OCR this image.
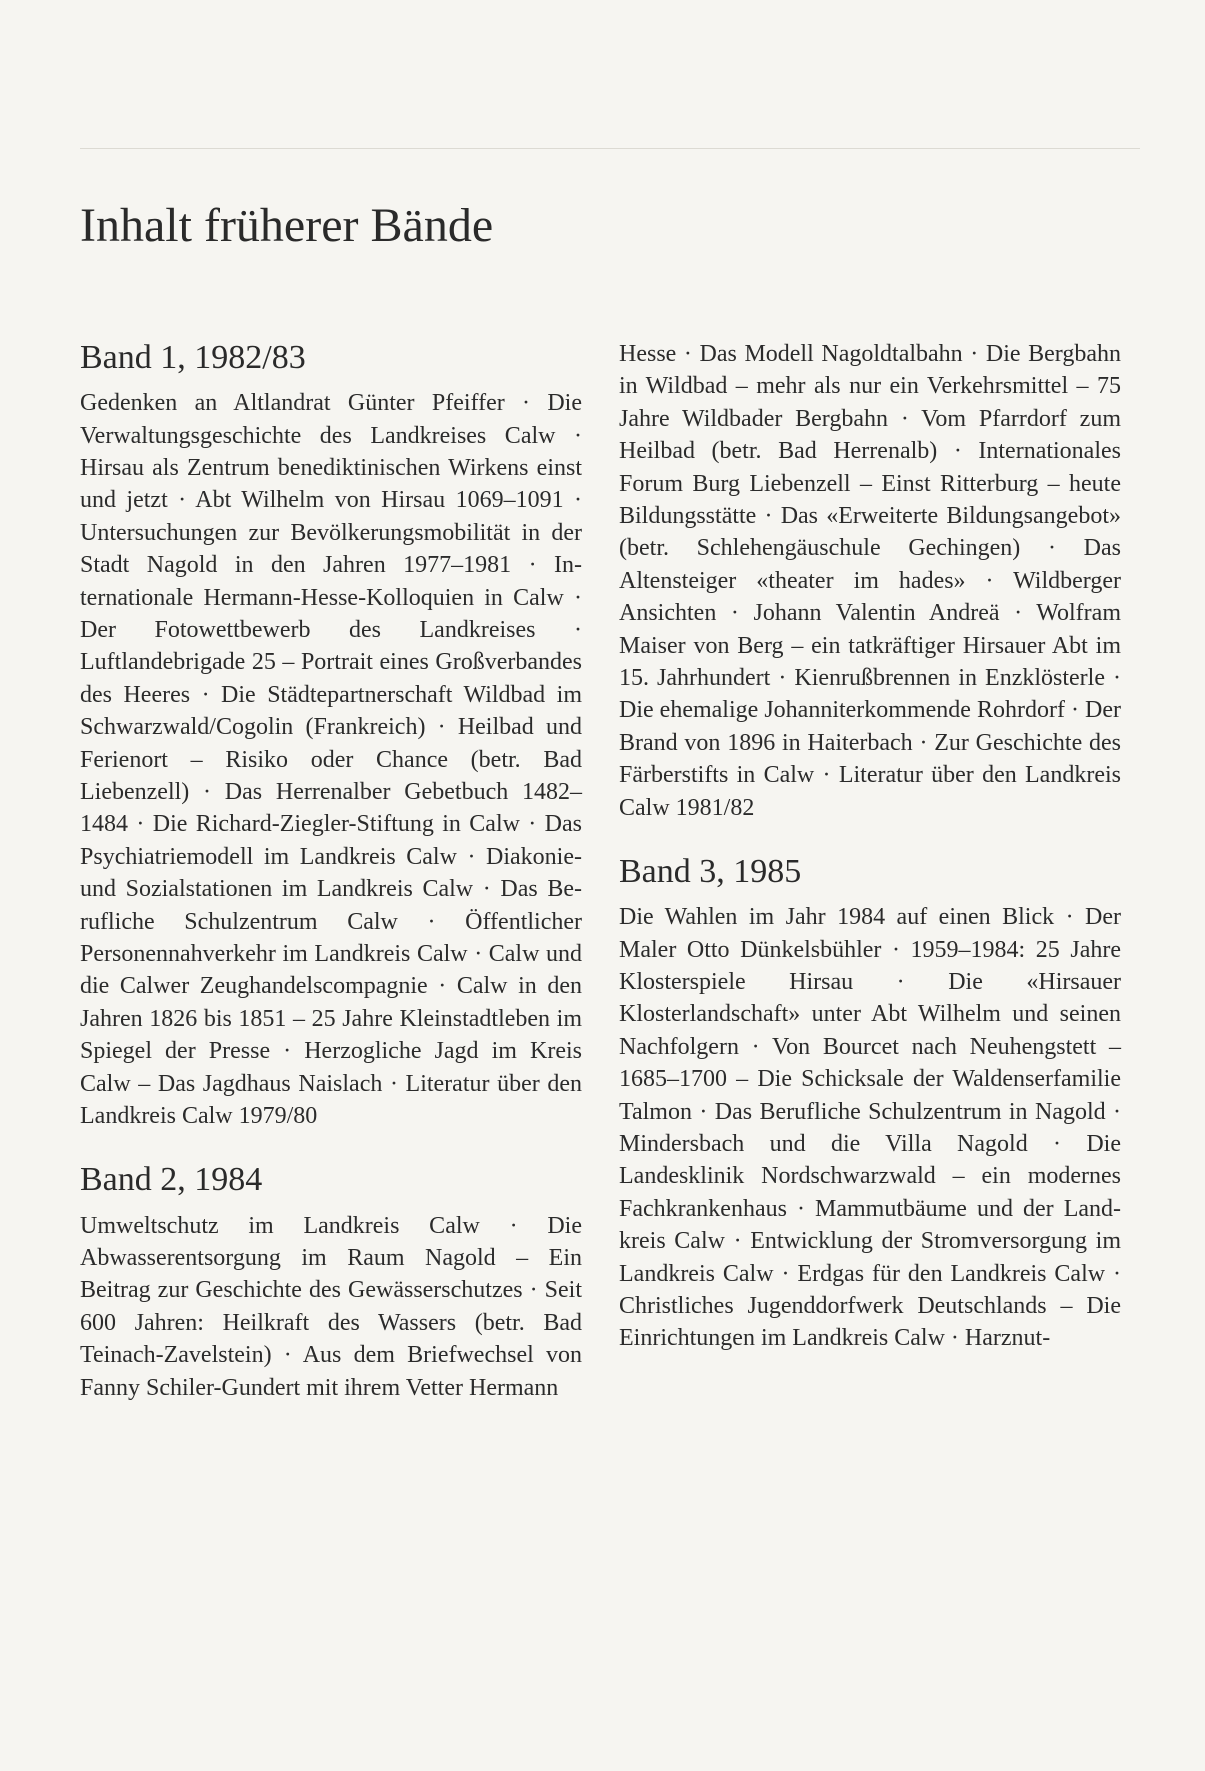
Inhalt früherer Bände
Band 1, 1982/83

Gedenken an Altlandrat Günter Pfeiffer · Die Verwaltungsgeschichte des Landkreises Calw · Hirsau als Zentrum benediktinischen Wirkens einst und jetzt · Abt Wilhelm von Hirsau 1069–1091 · Untersuchungen zur Bevölkerungsmobilität in der Stadt Nagold in den Jahren 1977–1981 · Internationale Hermann-Hesse-Kolloquien in Calw · Der Fotowettbewerb des Landkreises · Luftlandebrigade 25 – Portrait eines Großverbandes des Heeres · Die Städtepartnerschaft Wildbad im Schwarzwald/Cogolin (Frankreich) · Heilbad und Ferienort – Risiko oder Chance (betr. Bad Liebenzell) · Das Herrenalber Gebetbuch 1482–1484 · Die Richard-Ziegler-Stiftung in Calw · Das Psychiatriemodell im Landkreis Calw · Diakonie- und Sozialstationen im Landkreis Calw · Das Berufliche Schulzentrum Calw · Öffentlicher Personennahverkehr im Landkreis Calw · Calw und die Calwer Zeughandelscompagnie · Calw in den Jahren 1826 bis 1851 – 25 Jahre Kleinstadtleben im Spiegel der Presse · Herzogliche Jagd im Kreis Calw – Das Jagdhaus Naislach · Literatur über den Landkreis Calw 1979/80

Band 2, 1984

Umweltschutz im Landkreis Calw · Die Abwasserentsorgung im Raum Nagold – Ein Beitrag zur Geschichte des Gewässerschutzes · Seit 600 Jahren: Heilkraft des Wassers (betr. Bad Teinach-Zavelstein) · Aus dem Briefwechsel von Fanny Schiler-Gundert mit ihrem Vetter Hermann

Hesse · Das Modell Nagoldtalbahn · Die Bergbahn in Wildbad – mehr als nur ein Verkehrsmittel – 75 Jahre Wildbader Bergbahn · Vom Pfarrdorf zum Heilbad (betr. Bad Herrenalb) · Internationales Forum Burg Liebenzell – Einst Ritterburg – heute Bildungsstätte · Das «Erweiterte Bildungsangebot» (betr. Schlehengäuschule Gechingen) · Das Altensteiger «theater im hades» · Wildberger Ansichten · Johann Valentin Andreä · Wolfram Maiser von Berg – ein tatkräftiger Hirsauer Abt im 15. Jahrhundert · Kienrußbrennen in Enzklösterle · Die ehemalige Johanniterkommende Rohrdorf · Der Brand von 1896 in Haiterbach · Zur Geschichte des Färberstifts in Calw · Literatur über den Landkreis Calw 1981/82

Band 3, 1985

Die Wahlen im Jahr 1984 auf einen Blick · Der Maler Otto Dünkelsbühler · 1959–1984: 25 Jahre Klosterspiele Hirsau · Die «Hirsauer Klosterlandschaft» unter Abt Wilhelm und seinen Nachfolgern · Von Bourcet nach Neuhengstett – 1685–1700 – Die Schicksale der Waldenserfamilie Talmon · Das Berufliche Schulzentrum in Nagold · Mindersbach und die Villa Nagold · Die Landesklinik Nordschwarzwald – ein modernes Fachkrankenhaus · Mammutbäume und der Landkreis Calw · Entwicklung der Stromversorgung im Landkreis Calw · Erdgas für den Landkreis Calw · Christliches Jugenddorfwerk Deutschlands – Die Einrichtungen im Landkreis Calw · Harznut-
